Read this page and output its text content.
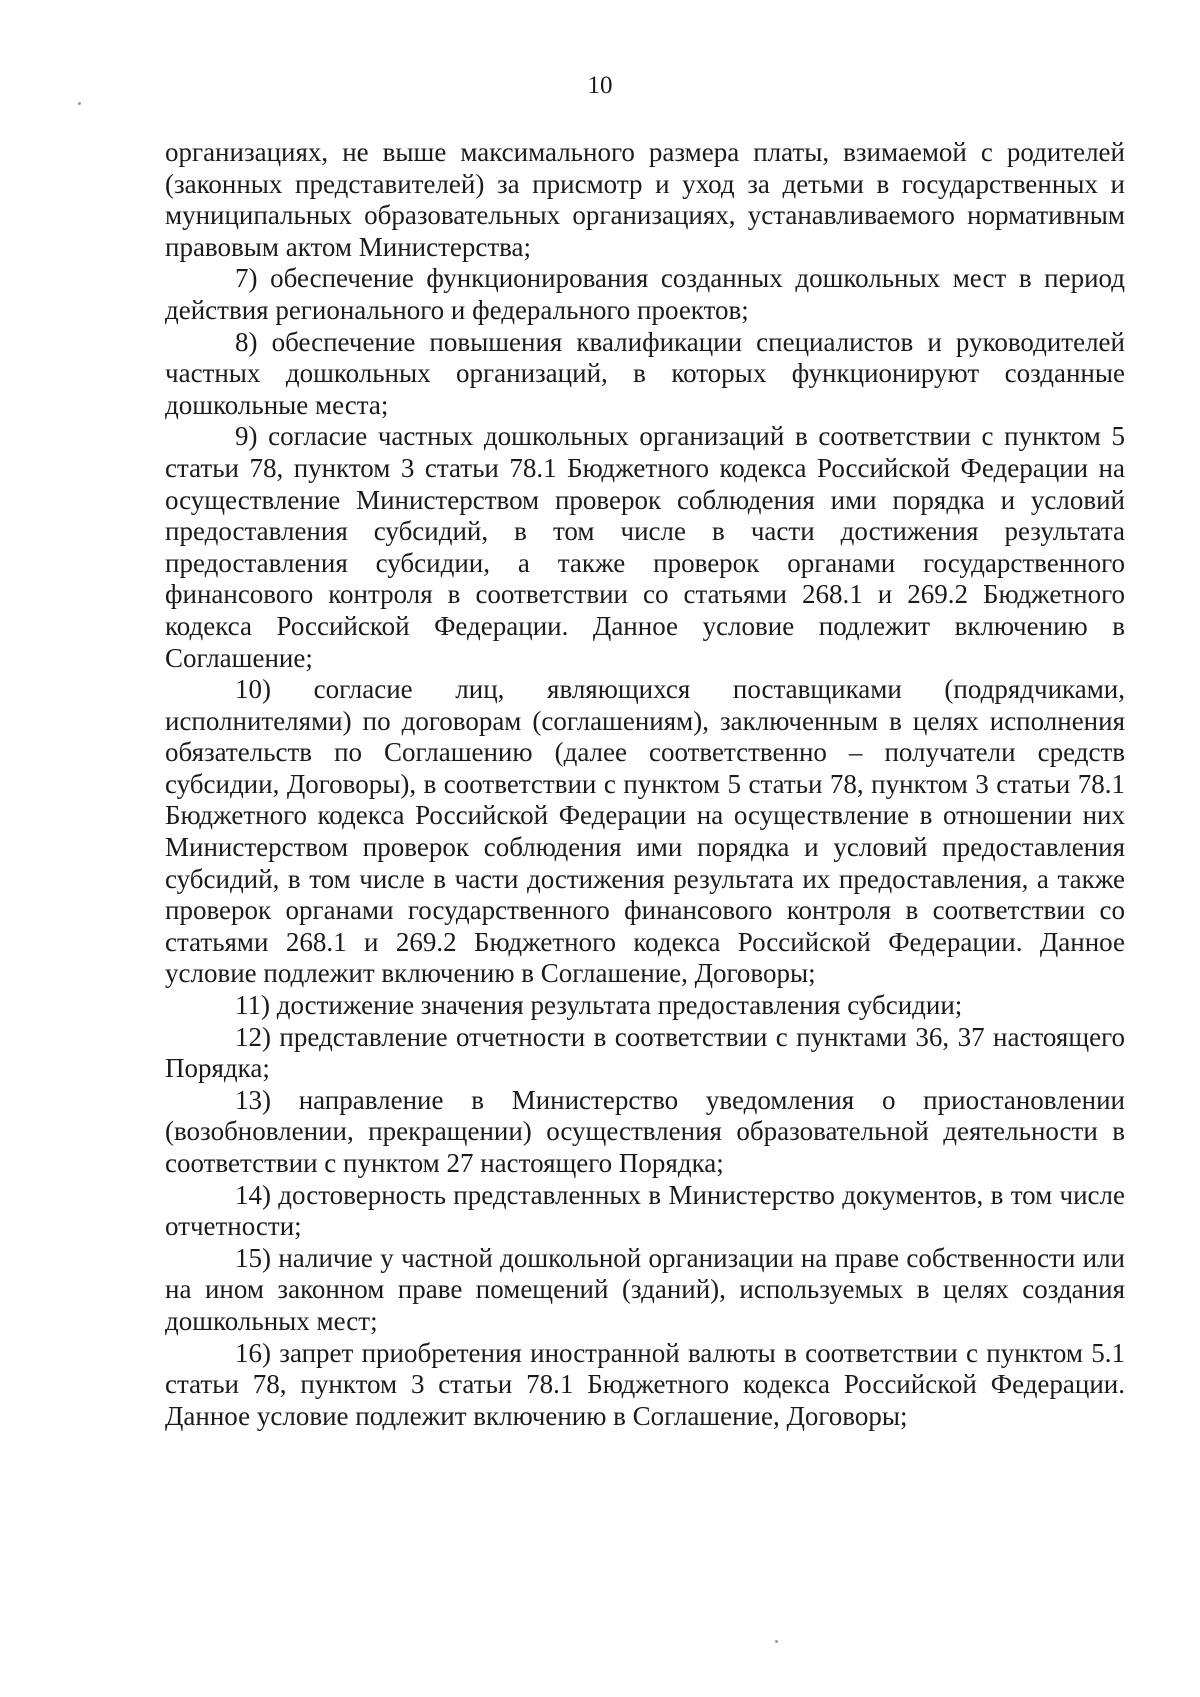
10

организациях, не выше максимального размера платы, взимаемой с родителей (законных представителей) за присмотр и уход за детьми в государственных и муниципальных образовательных организациях, устанавливаемого нормативным правовым актом Министерства;

7) обеспечение функционирования созданных дошкольных мест в период действия регионального и федерального проектов;

8) обеспечение повышения квалификации специалистов и руководителей частных дошкольных организаций, в которых функционируют созданные дошкольные места;

9) согласие частных дошкольных организаций в соответствии с пунктом 5 статьи 78, пунктом 3 статьи 78.1 Бюджетного кодекса Российской Федерации на осуществление Министерством проверок соблюдения ими порядка и условий предоставления субсидий, в том числе в части достижения результата предоставления субсидии, а также проверок органами государственного финансового контроля в соответствии со статьями 268.1 и 269.2 Бюджетного кодекса Российской Федерации. Данное условие подлежит включению в Соглашение;

10) согласие лиц, являющихся поставщиками (подрядчиками, исполнителями) по договорам (соглашениям), заключенным в целях исполнения обязательств по Соглашению (далее соответственно – получатели средств субсидии, Договоры), в соответствии с пунктом 5 статьи 78, пунктом 3 статьи 78.1 Бюджетного кодекса Российской Федерации на осуществление в отношении них Министерством проверок соблюдения ими порядка и условий предоставления субсидий, в том числе в части достижения результата их предоставления, а также проверок органами государственного финансового контроля в соответствии со статьями 268.1 и 269.2 Бюджетного кодекса Российской Федерации. Данное условие подлежит включению в Соглашение, Договоры;

11) достижение значения результата предоставления субсидии;

12) представление отчетности в соответствии с пунктами 36, 37 настоящего Порядка;

13) направление в Министерство уведомления о приостановлении (возобновлении, прекращении) осуществления образовательной деятельности в соответствии с пунктом 27 настоящего Порядка;

14) достоверность представленных в Министерство документов, в том числе отчетности;

15) наличие у частной дошкольной организации на праве собственности или на ином законном праве помещений (зданий), используемых в целях создания дошкольных мест;

16) запрет приобретения иностранной валюты в соответствии с пунктом 5.1 статьи 78, пунктом 3 статьи 78.1 Бюджетного кодекса Российской Федерации. Данное условие подлежит включению в Соглашение, Договоры;
